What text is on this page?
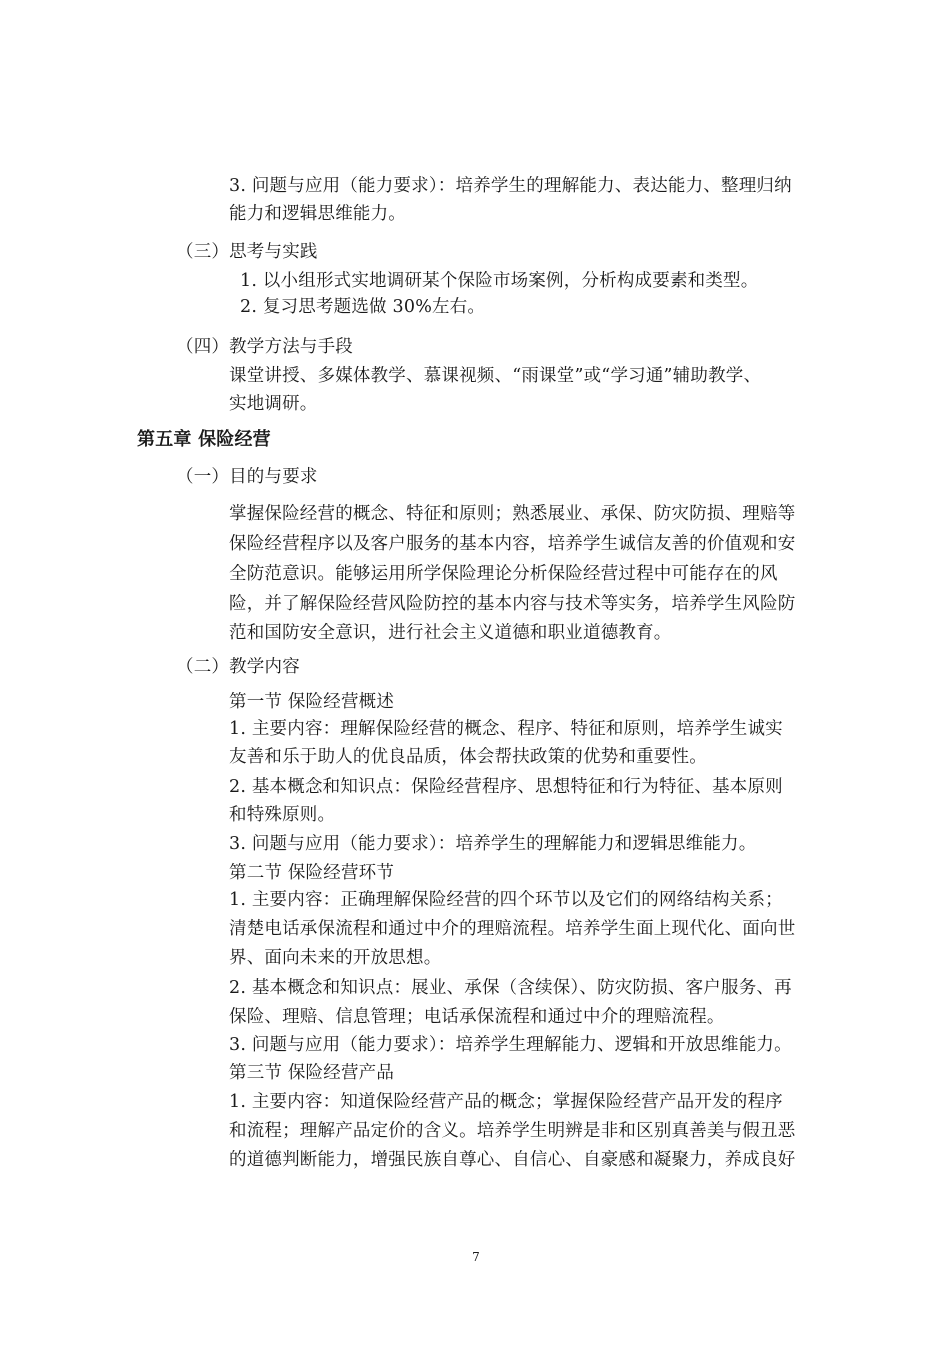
3. 问题与应用（能力要求）：培养学生的理解能力、表达能力、整理归纳
能力和逻辑思维能力。
（三）思考与实践
1. 以小组形式实地调研某个保险市场案例，分析构成要素和类型。
2. 复习思考题选做 30%左右。
（四）教学方法与手段
课堂讲授、多媒体教学、慕课视频、“雨课堂”或“学习通”辅助教学、
实地调研。
第五章 保险经营
（一）目的与要求
掌握保险经营的概念、特征和原则；熟悉展业、承保、防灾防损、理赔等
保险经营程序以及客户服务的基本内容，培养学生诚信友善的价值观和安
全防范意识。能够运用所学保险理论分析保险经营过程中可能存在的风
险，并了解保险经营风险防控的基本内容与技术等实务，培养学生风险防
范和国防安全意识，进行社会主义道德和职业道德教育。
（二）教学内容
第一节 保险经营概述
1. 主要内容：理解保险经营的概念、程序、特征和原则，培养学生诚实
友善和乐于助人的优良品质，体会帮扶政策的优势和重要性。
2. 基本概念和知识点：保险经营程序、思想特征和行为特征、基本原则
和特殊原则。
3. 问题与应用（能力要求）：培养学生的理解能力和逻辑思维能力。
第二节 保险经营环节
1. 主要内容：正确理解保险经营的四个环节以及它们的网络结构关系；
清楚电话承保流程和通过中介的理赔流程。培养学生面上现代化、面向世
界、面向未来的开放思想。
2. 基本概念和知识点：展业、承保（含续保）、防灾防损、客户服务、再
保险、理赔、信息管理；电话承保流程和通过中介的理赔流程。
3. 问题与应用（能力要求）：培养学生理解能力、逻辑和开放思维能力。
第三节 保险经营产品
1. 主要内容：知道保险经营产品的概念；掌握保险经营产品开发的程序
和流程；理解产品定价的含义。培养学生明辨是非和区别真善美与假丑恶
的道德判断能力，增强民族自尊心、自信心、自豪感和凝聚力，养成良好
7
